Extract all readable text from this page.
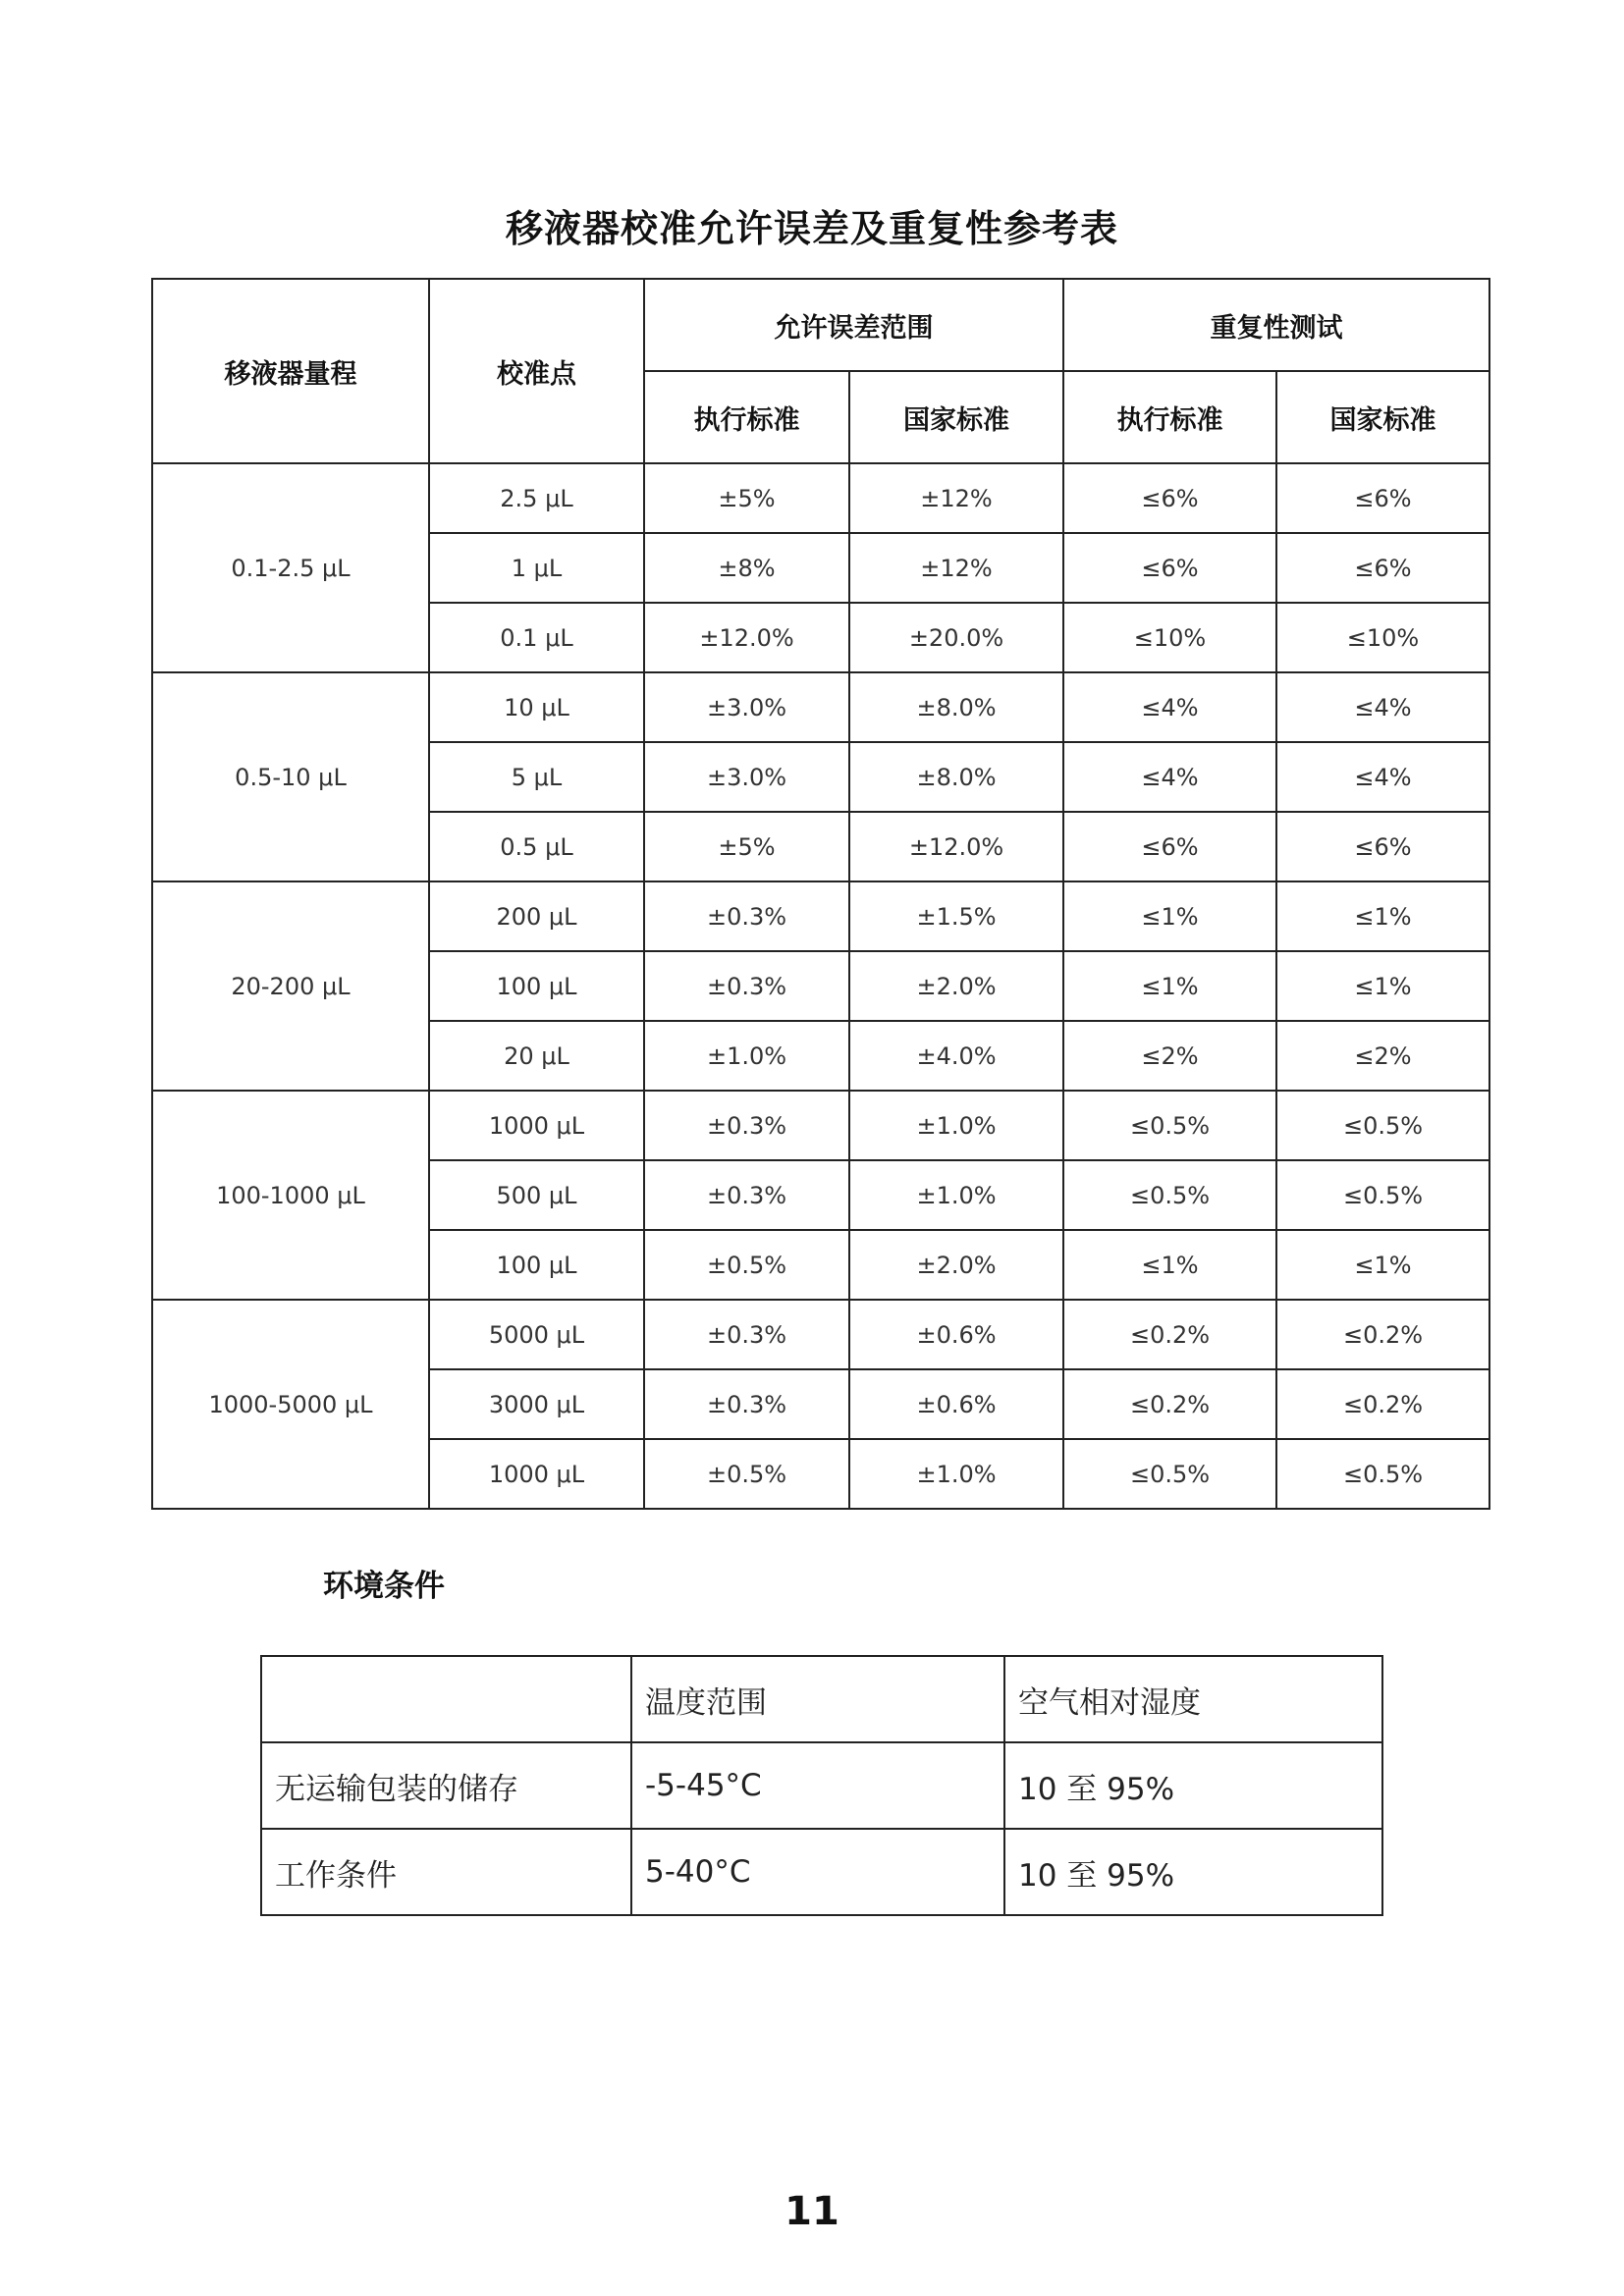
移液器校准允许误差及重复性参考表
移液器量程	校准点	允许误差范围		重复性测试	
		执行标准	国家标准	执行标准	国家标准
0.1-2.5 μL	2.5 μL	±5%	±12%	≤6%	≤6%
	1 μL	±8%	±12%	≤6%	≤6%
	0.1 μL	±12.0%	±20.0%	≤10%	≤10%
0.5-10 μL	10 μL	±3.0%	±8.0%	≤4%	≤4%
	5 μL	±3.0%	±8.0%	≤4%	≤4%
	0.5 μL	±5%	±12.0%	≤6%	≤6%
20-200 μL	200 μL	±0.3%	±1.5%	≤1%	≤1%
	100 μL	±0.3%	±2.0%	≤1%	≤1%
	20 μL	±1.0%	±4.0%	≤2%	≤2%
100-1000 μL	1000 μL	±0.3%	±1.0%	≤0.5%	≤0.5%
	500 μL	±0.3%	±1.0%	≤0.5%	≤0.5%
	100 μL	±0.5%	±2.0%	≤1%	≤1%
1000-5000 μL	5000 μL	±0.3%	±0.6%	≤0.2%	≤0.2%
	3000 μL	±0.3%	±0.6%	≤0.2%	≤0.2%
	1000 μL	±0.5%	±1.0%	≤0.5%	≤0.5%
环境条件
	温度范围	空气相对湿度
无运输包装的储存	-5-45°C	10 至 95%
工作条件	5-40°C	10 至 95%
11
